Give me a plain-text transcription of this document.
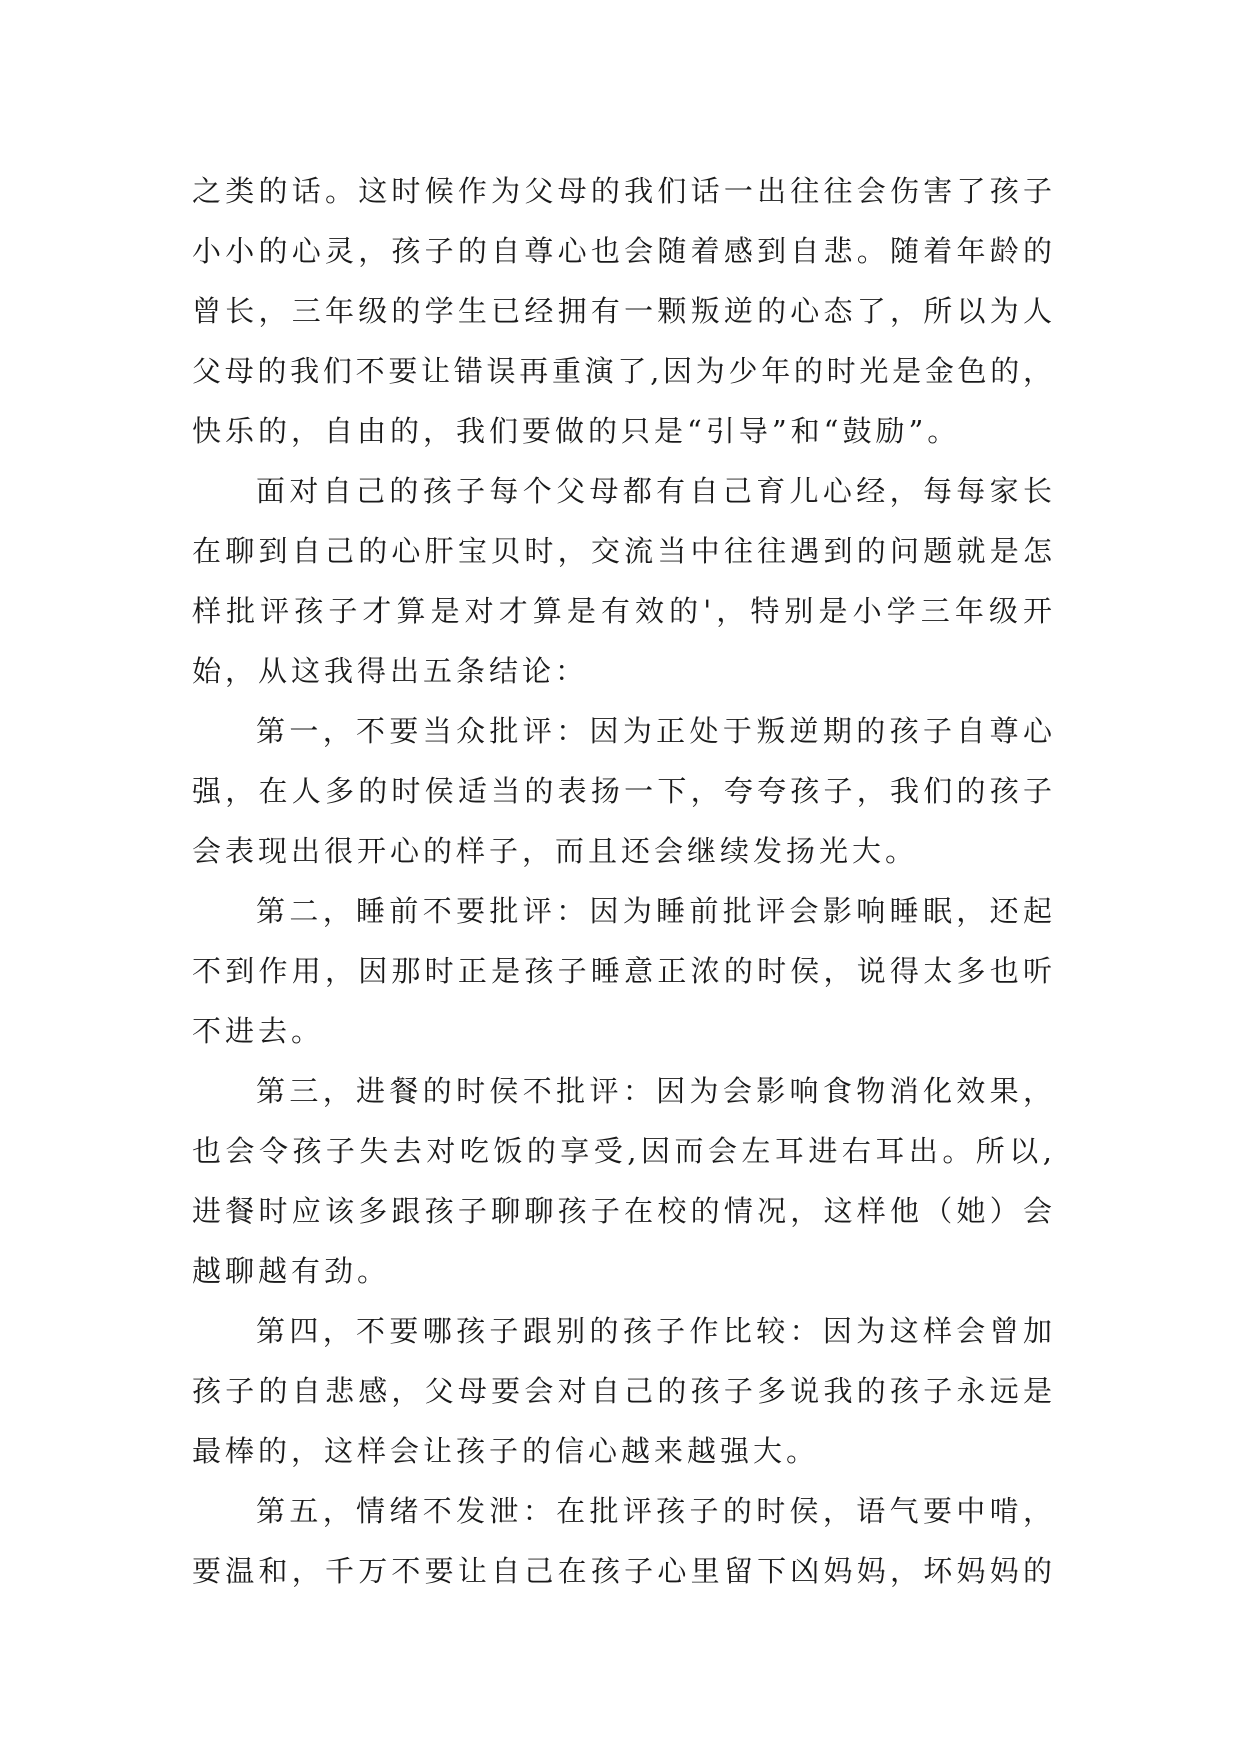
之类的话。这时候作为父母的我们话一出往往会伤害了孩子
小小的心灵，孩子的自尊心也会随着感到自悲。随着年龄的
曾长，三年级的学生已经拥有一颗叛逆的心态了，所以为人
父母的我们不要让错误再重演了,因为少年的时光是金色的，
快乐的，自由的，我们要做的只是“引导”和“鼓励”。
面对自己的孩子每个父母都有自己育儿心经，每每家长
在聊到自己的心肝宝贝时，交流当中往往遇到的问题就是怎
样批评孩子才算是对才算是有效的'，特别是小学三年级开
始，从这我得出五条结论：
第一，不要当众批评：因为正处于叛逆期的孩子自尊心
强，在人多的时侯适当的表扬一下，夸夸孩子，我们的孩子
会表现出很开心的样子，而且还会继续发扬光大。
第二，睡前不要批评：因为睡前批评会影响睡眠，还起
不到作用，因那时正是孩子睡意正浓的时侯，说得太多也听
不进去。
第三，进餐的时侯不批评：因为会影响食物消化效果，
也会令孩子失去对吃饭的享受,因而会左耳进右耳出。所以,
进餐时应该多跟孩子聊聊孩子在校的情况，这样他（她）会
越聊越有劲。
第四，不要哪孩子跟别的孩子作比较：因为这样会曾加
孩子的自悲感，父母要会对自己的孩子多说我的孩子永远是
最棒的，这样会让孩子的信心越来越强大。
第五，情绪不发泄：在批评孩子的时侯，语气要中啃，
要温和，千万不要让自己在孩子心里留下凶妈妈，坏妈妈的
